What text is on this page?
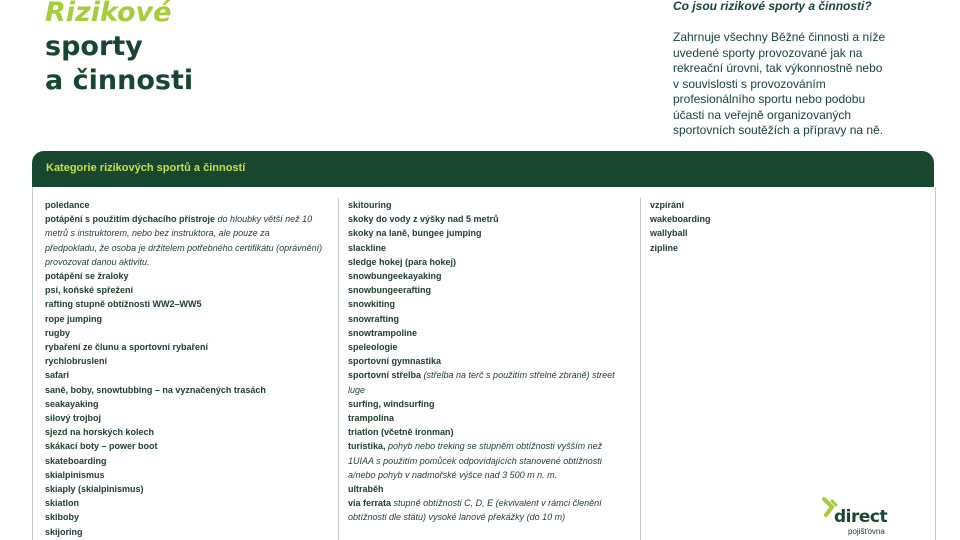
Rizikové
sporty
a činnosti
Co jsou rizikové sporty a činnosti?
Zahrnuje všechny Běžné činnosti a níže
uvedené sporty provozované jak na
rekreační úrovni, tak výkonnostně nebo
v souvislosti s provozováním
profesionálního sportu nebo podobu
účasti na veřejně organizovaných
sportovních soutěžích a přípravy na ně.
Kategorie rizikových sportů a činností
poledance
potápění s použitím dýchacího přístroje do hloubky větší než 10 metrů s instruktorem, nebo bez instruktora, ale pouze za předpokladu, že osoba je držitelem potřebného certifikátu (oprávnění) provozovat danou aktivitu.
potápění se žraloky
psí, koňské spřežení
rafting stupně obtížnosti WW2–WW5
rope jumping
rugby
rybaření ze člunu a sportovní rybaření
rychlobruslení
safari
saně, boby, snowtubbing – na vyznačených trasách
seakayaking
silový trojboj
sjezd na horských kolech
skákací boty – power boot
skateboarding
skialpinismus
skiaply (skialpinismus)
skiatlon
skiboby
skijoring
skitouring
skoky do vody z výšky nad 5 metrů
skoky na laně, bungee jumping
slackline
sledge hokej (para hokej)
snowbungeekayaking
snowbungeerafting
snowkiting
snowrafting
snowtrampoline
speleologie
sportovní gymnastika
sportovní střelba (střelba na terč s použitím střelné zbraně) street luge
surfing, windsurfing
trampolína
triatlon (včetně ironman)
turistika, pohyb nebo treking se stupněm obtížnosti vyšším než 1UIAA s použitím pomůcek odpovídajících stanovené obtížnosti a/nebo pohyb v nadmořské výšce nad 3 500 m n. m.
ultraběh
via ferrata stupně obtížnosti C, D, E (ekvivalent v rámci členění obtížnosti dle státu) vysoké lanové překážky (do 10 m)
vzpírání
wakeboarding
wallyball
zipline
direct
pojišťovna
